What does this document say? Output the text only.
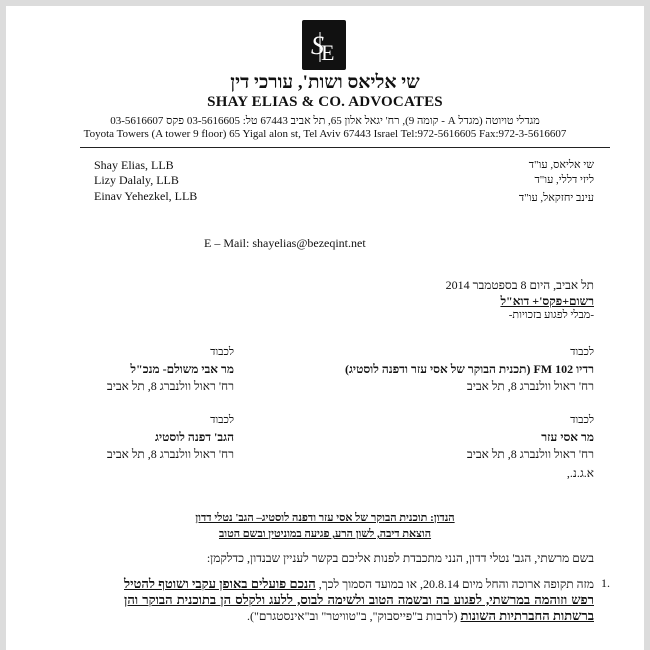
S
E
שי אליאס ושות', עורכי דין
SHAY ELIAS & CO. ADVOCATES
מגדלי טויוטה (מגדל A - קומה 9), רח' יגאל אלון 65, תל אביב 67443 טל: 03-5616605 פקס 03-5616607
Toyota Towers (A tower 9 floor) 65 Yigal alon st, Tel Aviv 67443 Israel Tel:972-5616605 Fax:972-3-5616607
Shay Elias, LLB	שי אליאס, עו"ד
Lizy Dalaly, LLB	ליזי דללי, עו"ד
Einav Yehezkel, LLB	עינב יחזקאל, עו"ד
E – Mail: shayelias@bezeqint.net
תל אביב, היום 8 בספטמבר 2014
רשום+פקס'+ דוא"ל
-מבלי לפגוע בזכויות-
לכבוד
רדיו FM 102 (תכנית הבוקר של אסי עזר ודפנה לוסטיג)
רח' ראול וולנברג 8, תל אביב
לכבוד
מר אבי משולם- מנכ"ל
רח' ראול וולנברג 8, תל אביב
לכבוד
מר אסי עזר
רח' ראול וולנברג 8, תל אביב
לכבוד
הגב' דפנה לוסטיג
רח' ראול וולנברג 8, תל אביב
א.ג.נ.,
הנדון: תוכנית הבוקר של אסי עזר ודפנה לוסטיג– הגב' נטלי דדון
הוצאת דיבה, לשון הרע, פגיעה במוניטין ובשם הטוב
בשם מרשתי, הגב' נטלי דדון, הנני מתכבדת לפנות אליכם בקשר לעניין שבנדון, כדלקמן:
1.
מזה תקופה ארוכה והחל מיום 20.8.14, או במועד הסמוך לכך, הנכם פועלים באופן עקבי ושוטף להטיל רפש וזוהמה במרשתי, לפגוע בה ובשמה הטוב ולשימה לבוס, ללעג ולקלס הן בתוכנית הבוקר והן ברשתות החברתיות השונות (לרבות ב"פייסבוק", ב"טוויטר" וב"אינסטגרם").
